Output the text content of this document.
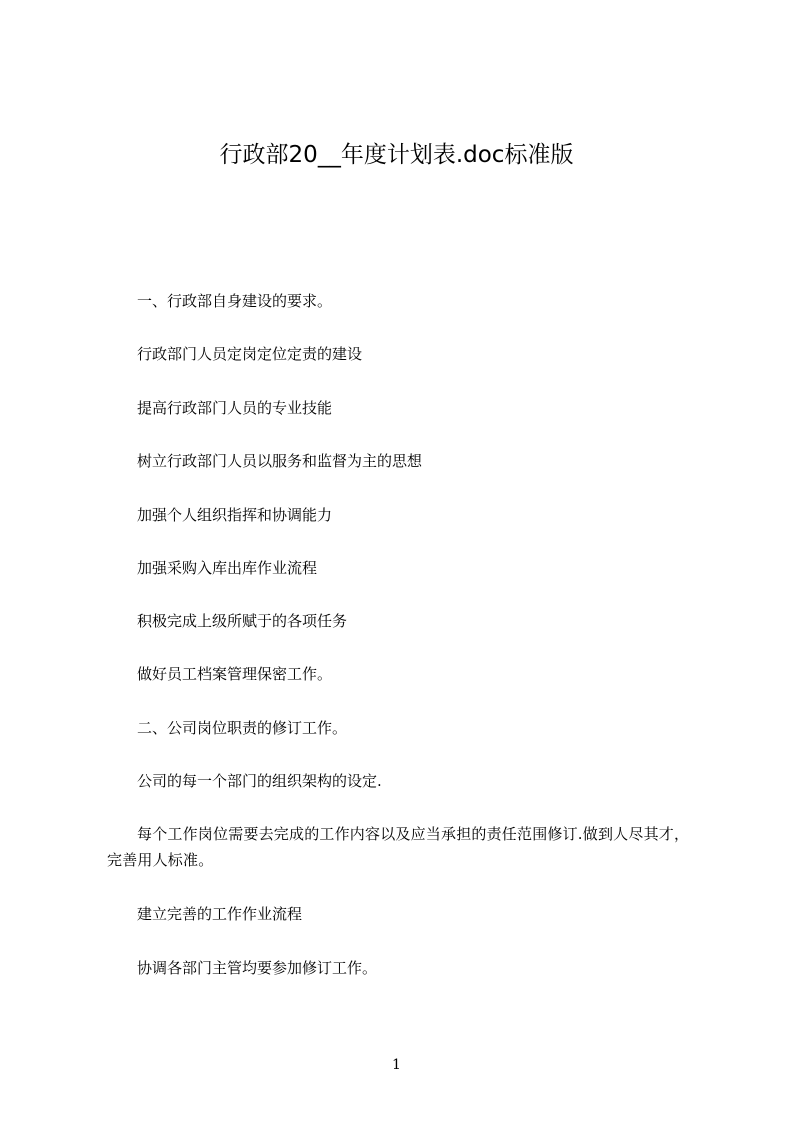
行政部20__年度计划表.doc标准版

一、行政部自身建设的要求。

行政部门人员定岗定位定责的建设

提高行政部门人员的专业技能

树立行政部门人员以服务和监督为主的思想

加强个人组织指挥和协调能力

加强采购入库出库作业流程

积极完成上级所赋于的各项任务

做好员工档案管理保密工作。

二、公司岗位职责的修订工作。

公司的每一个部门的组织架构的设定.

每个工作岗位需要去完成的工作内容以及应当承担的责任范围修订.做到人尽其才，完善用人标准。

建立完善的工作作业流程

协调各部门主管均要参加修订工作。

1
